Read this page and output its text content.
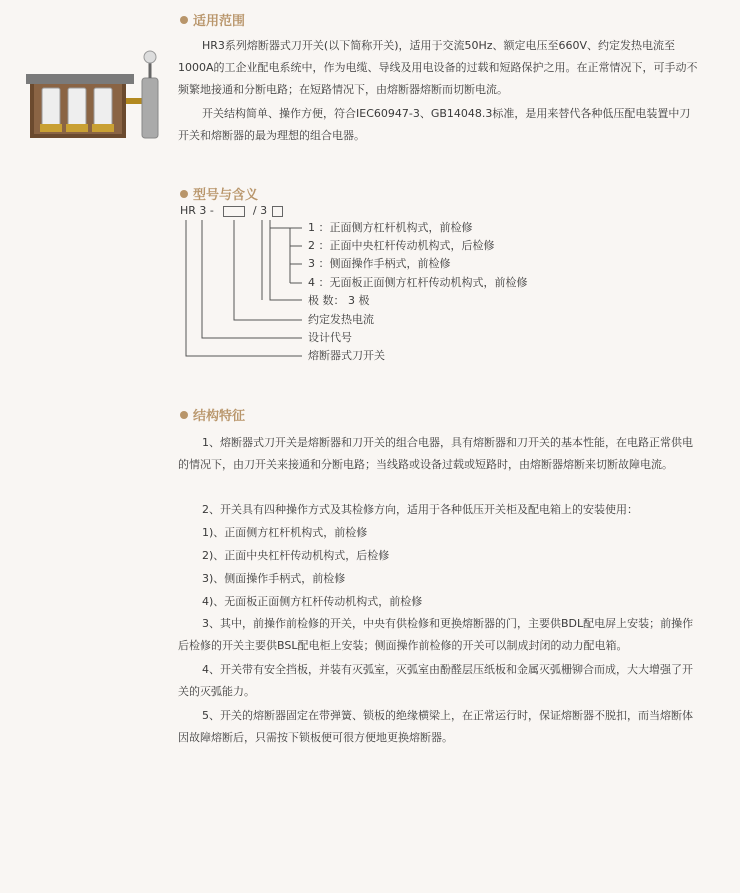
适用范围

HR3系列熔断器式刀开关(以下简称开关)，适用于交流50Hz、额定电压至660V、约定发热电流至1000A的工企业配电系统中，作为电缆、导线及用电设备的过载和短路保护之用。在正常情况下，可手动不频繁地接通和分断电路；在短路情况下，由熔断器熔断而切断电流。

开关结构简单、操作方便，符合IEC60947-3、GB14048.3标准，是用来替代各种低压配电装置中刀开关和熔断器的最为理想的组合电器。

型号与含义
HR 3 -	/ 3
1 ：正面侧方杠杆机构式，前检修
2 ：正面中央杠杆传动机构式，后检修
3 ：侧面操作手柄式，前检修
4 ：无面板正面侧方杠杆传动机构式，前检修
极 数： 3 极
约定发热电流
设计代号
熔断器式刀开关
结构特征

1、熔断器式刀开关是熔断器和刀开关的组合电器，具有熔断器和刀开关的基本性能，在电路正常供电的情况下，由刀开关来接通和分断电路；当线路或设备过载或短路时，由熔断器熔断来切断故障电流。

2、开关具有四种操作方式及其检修方向，适用于各种低压开关柜及配电箱上的安装使用：

1)、正面侧方杠杆机构式，前检修
2)、正面中央杠杆传动机构式，后检修
3)、侧面操作手柄式，前检修
4)、无面板正面侧方杠杆传动机构式，前检修

3、其中，前操作前检修的开关，中央有供检修和更换熔断器的门，主要供BDL配电屏上安装；前操作后检修的开关主要供BSL配电柜上安装；侧面操作前检修的开关可以制成封闭的动力配电箱。

4、开关带有安全挡板，并装有灭弧室，灭弧室由酚醛层压纸板和金属灭弧栅铆合而成，大大增强了开关的灭弧能力。

5、开关的熔断器固定在带弹簧、锁板的绝缘横梁上，在正常运行时，保证熔断器不脱扣，而当熔断体因故障熔断后，只需按下锁板便可很方便地更换熔断器。
